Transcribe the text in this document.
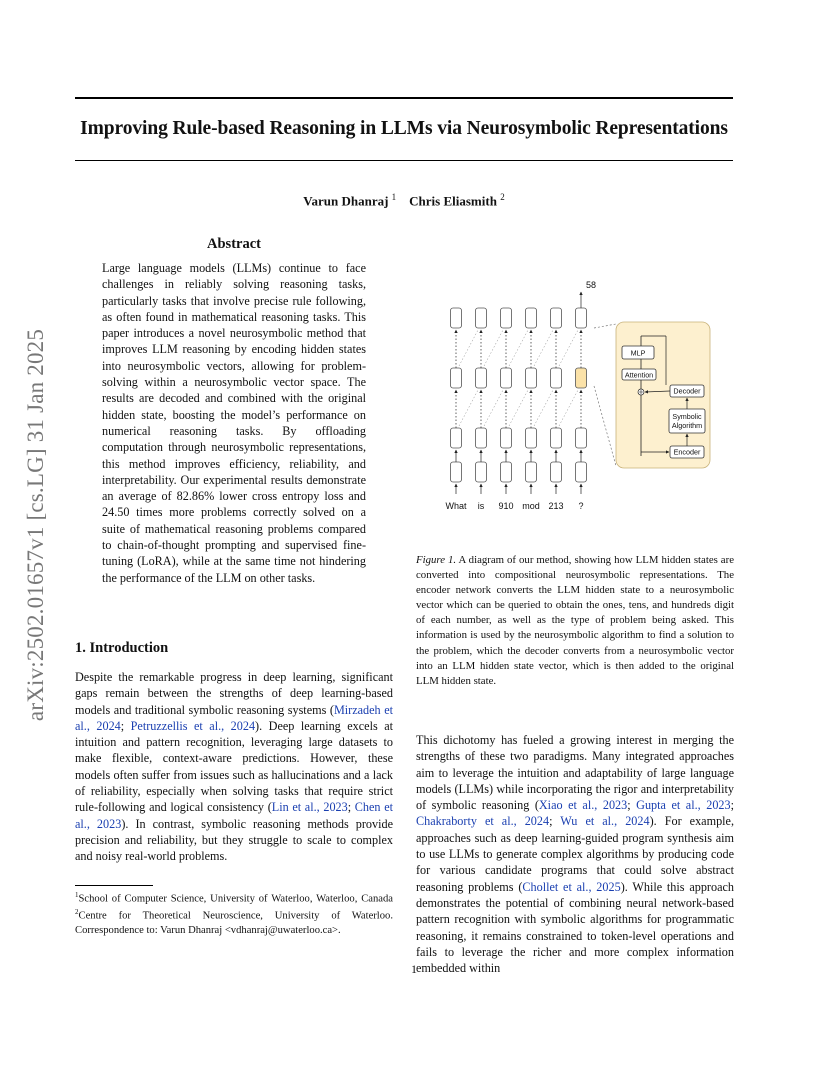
Improving Rule-based Reasoning in LLMs via Neurosymbolic Representations
Varun Dhanraj $^1$ Chris Eliasmith $^2$
arXiv:2502.01657v1 [cs.LG] 31 Jan 2025
Abstract
Large language models (LLMs) continue to face challenges in reliably solving reasoning tasks, particularly tasks that involve precise rule following, as often found in mathematical reasoning tasks. This paper introduces a novel neurosymbolic method that improves LLM reasoning by encoding hidden states into neurosymbolic vectors, allowing for problem-solving within a neurosymbolic vector space. The results are decoded and combined with the original hidden state, boosting the model’s performance on numerical reasoning tasks. By offloading computation through neurosymbolic representations, this method improves efficiency, reliability, and interpretability. Our experimental results demonstrate an average of 82.86% lower cross entropy loss and 24.50 times more problems correctly solved on a suite of mathematical reasoning problems compared to chain-of-thought prompting and supervised fine-tuning (LoRA), while at the same time not hindering the performance of the LLM on other tasks.
1. Introduction
Despite the remarkable progress in deep learning, significant gaps remain between the strengths of deep learning-based models and traditional symbolic reasoning systems (Mirzadeh et al., 2024; Petruzzellis et al., 2024). Deep learning excels at intuition and pattern recognition, leveraging large datasets to make flexible, context-aware predictions. However, these models often suffer from issues such as hallucinations and a lack of reliability, especially when solving tasks that require strict rule-following and logical consistency (Lin et al., 2023; Chen et al., 2023). In contrast, symbolic reasoning methods provide precision and reliability, but they struggle to scale to complex and noisy real-world problems.
$^1$School of Computer Science, University of Waterloo, Waterloo, Canada $^2$Centre for Theoretical Neuroscience, University of Waterloo. Correspondence to: Varun Dhanraj <vdhanraj@uwaterloo.ca>.
MLP
Attention
Decoder
Symbolic
Algorithm
Encoder
58
What is 910 mod 213 ?
Figure 1. A diagram of our method, showing how LLM hidden states are converted into compositional neurosymbolic representations. The encoder network converts the LLM hidden state to a neurosymbolic vector which can be queried to obtain the ones, tens, and hundreds digit of each number, as well as the type of problem being asked. This information is used by the neurosymbolic algorithm to find a solution to the problem, which the decoder converts from a neurosymbolic vector into an LLM hidden state vector, which is then added to the original LLM hidden state.
This dichotomy has fueled a growing interest in merging the strengths of these two paradigms. Many integrated approaches aim to leverage the intuition and adaptability of large language models (LLMs) while incorporating the rigor and interpretability of symbolic reasoning (Xiao et al., 2023; Gupta et al., 2023; Chakraborty et al., 2024; Wu et al., 2024). For example, approaches such as deep learning-guided program synthesis aim to use LLMs to generate complex algorithms by producing code for various candidate programs that could solve abstract reasoning problems (Chollet et al., 2025). While this approach demonstrates the potential of combining neural network-based pattern recognition with symbolic algorithms for programmatic reasoning, it remains constrained to token-level operations and fails to leverage the richer and more complex information embedded within
1
